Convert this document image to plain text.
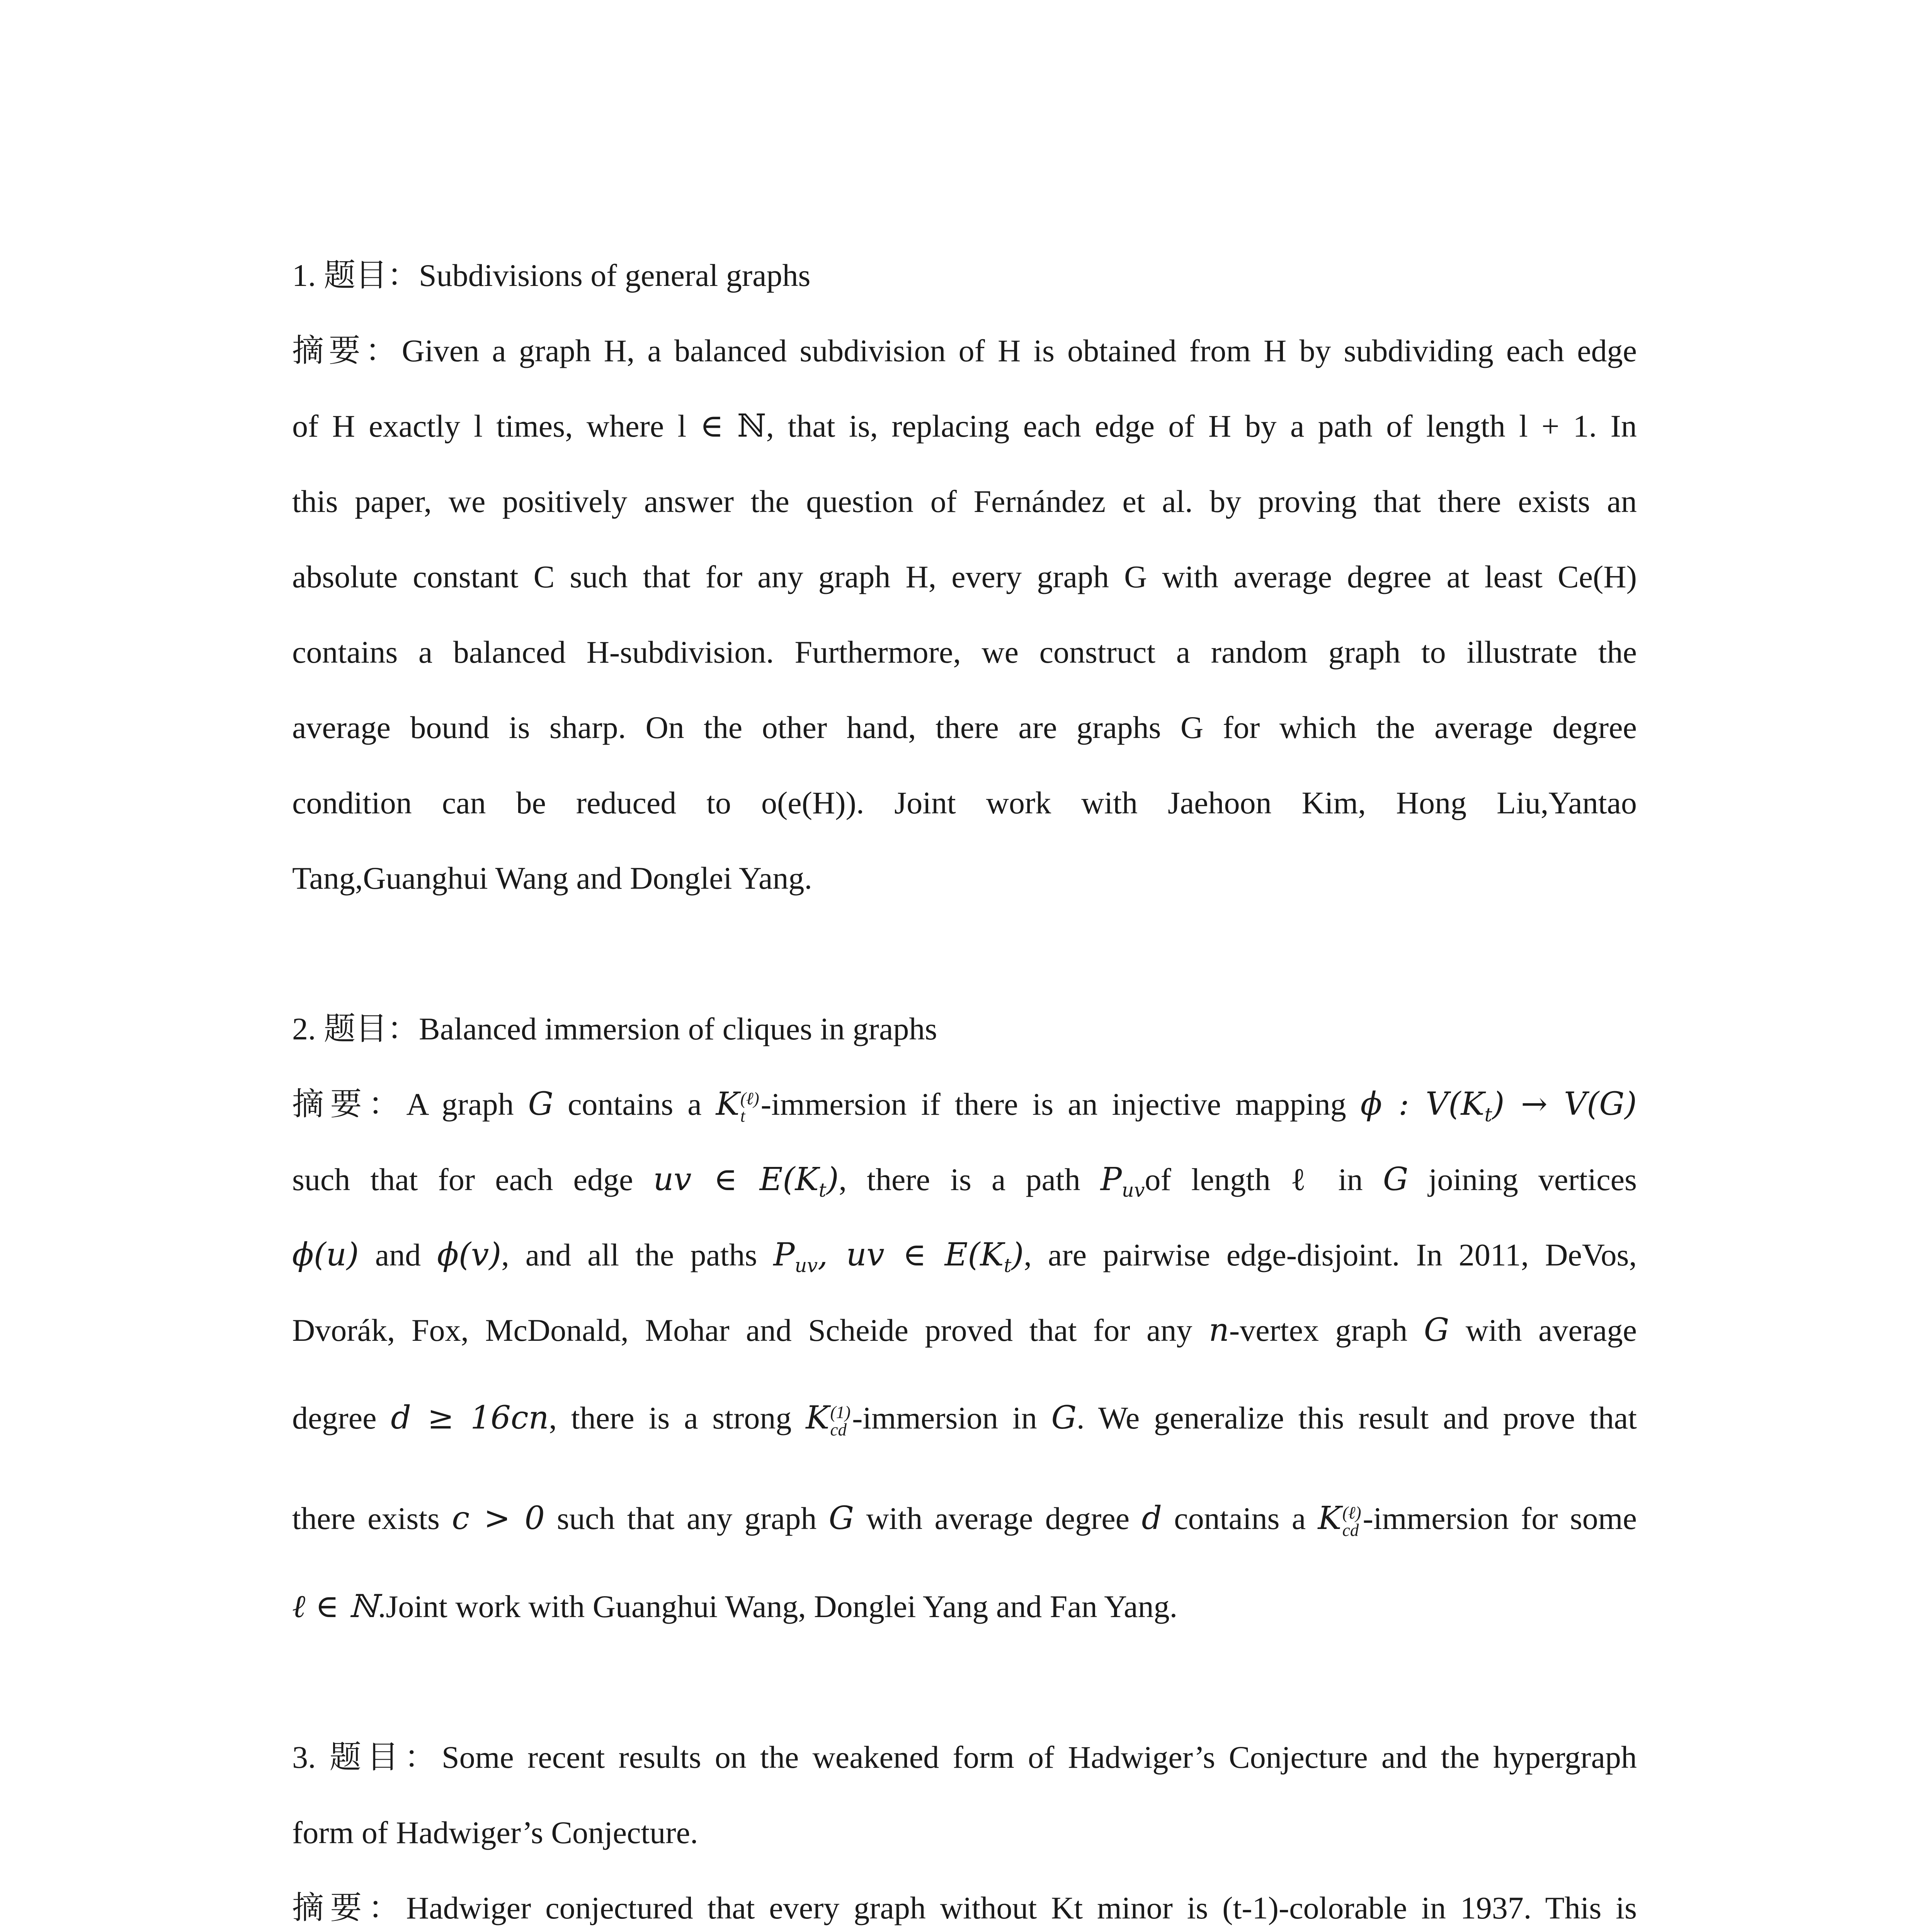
1. 题目：Subdivisions of general graphs
摘要：Given a graph H, a balanced subdivision of H is obtained from H by subdividing each edge
of H exactly l times, where l ∈ ℕ, that is, replacing each edge of H by a path of length l + 1. In
this paper, we positively answer the question of Fernández et al. by proving that there exists an
absolute constant C such that for any graph H, every graph G with average degree at least Ce(H)
contains a balanced H-subdivision. Furthermore, we construct a random graph to illustrate the
average bound is sharp. On the other hand, there are graphs G for which the average degree
condition can be reduced to o(e(H)). Joint work with Jaehoon Kim, Hong Liu,Yantao
Tang,Guanghui Wang and Donglei Yang.
2. 题目：Balanced immersion of cliques in graphs
摘要：A graph G contains a K (ℓ)
t -immersion if there is an injective mapping ϕ : $V(K_t) \to V(G)$
such that for each edge uv ∈ $E(K_t)$, there is a path $P_{uv}of$ length ℓ in G joining vertices
ϕ(u) and ϕ(v), and all the paths $P_{uv}$, uv ∈ $E(K_t)$, are pairwise edge-disjoint. In 2011, DeVos,
Dvorák, Fox, McDonald, Mohar and Scheide proved that for any n-vertex graph G with average
degree d ≥ 16cn, there is a strong K (1)
cd -immersion in G. We generalize this result and prove that
there exists c > 0 such that any graph G with average degree d contains a K (ℓ)
cd -immersion for some
ℓ ∈ ℕ.Joint work with Guanghui Wang, Donglei Yang and Fan Yang.
3. 题目：Some recent results on the weakened form of Hadwiger’s Conjecture and the hypergraph
form of Hadwiger’s Conjecture.
摘要：Hadwiger conjectured that every graph without Kt minor is (t-1)-colorable in 1937. This is
